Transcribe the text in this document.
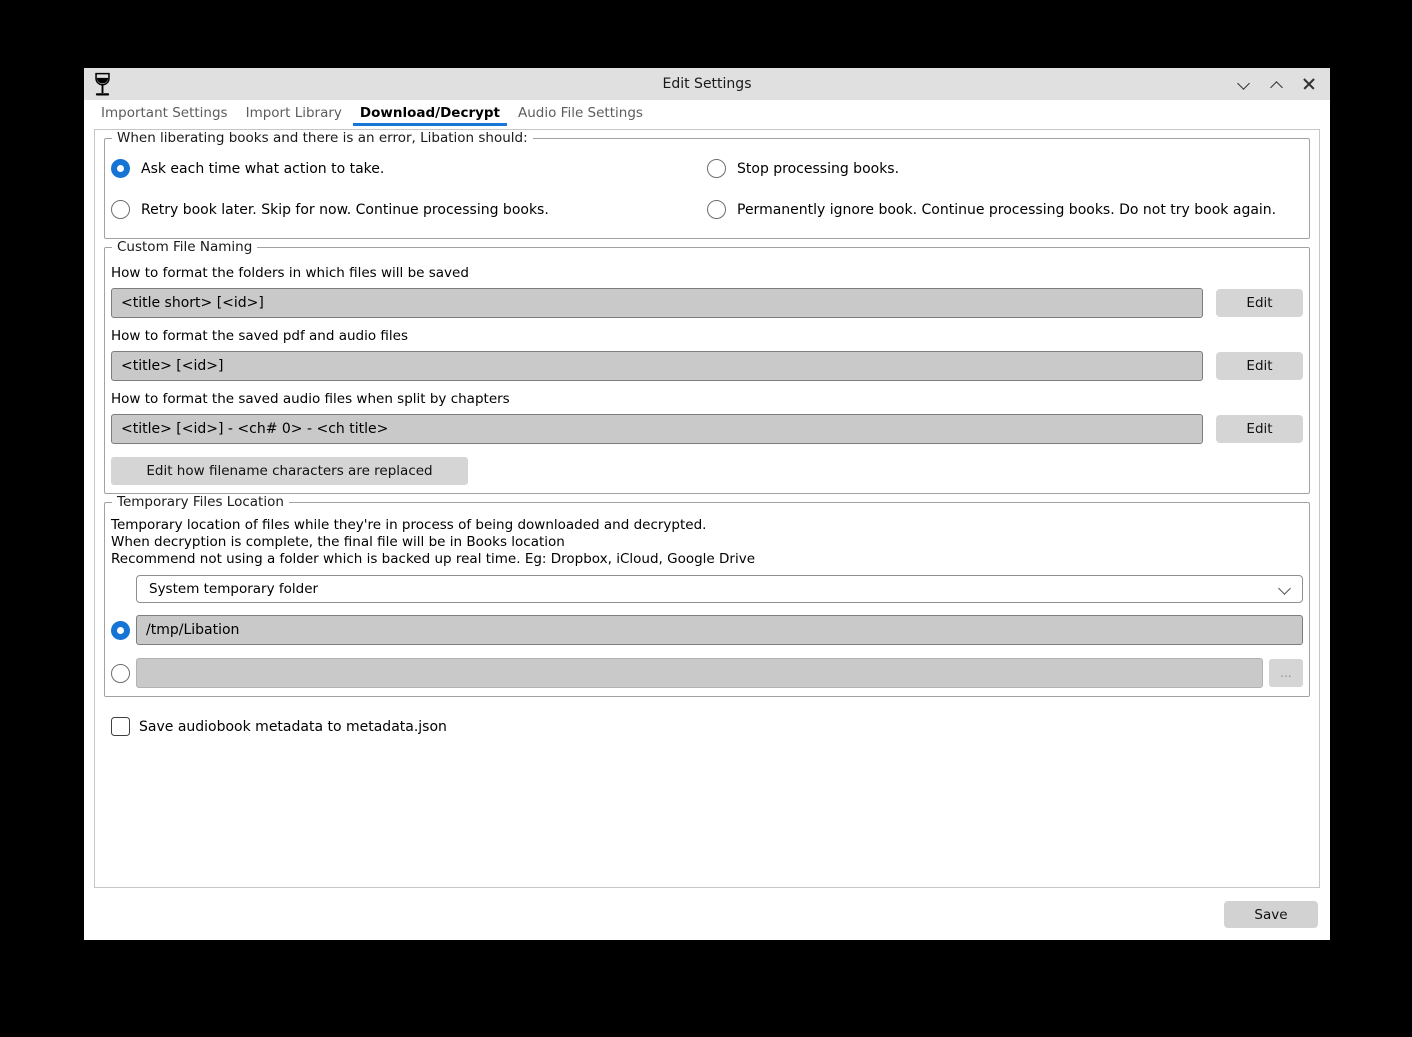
Edit Settings
Important Settings	Import Library	Download/Decrypt	Audio File Settings
When liberating books and there is an error, Libation should:
Ask each time what action to take.	Stop processing books.
Retry book later. Skip for now. Continue processing books.	Permanently ignore book. Continue processing books. Do not try book again.
Custom File Naming
How to format the folders in which files will be saved
<title short> [<id>]
Edit
How to format the saved pdf and audio files
<title> [<id>]
Edit
How to format the saved audio files when split by chapters
<title> [<id>] - <ch# 0> - <ch title>
Edit
Edit how filename characters are replaced
Temporary Files Location

Temporary location of files while they're in process of being downloaded and decrypted.

When decryption is complete, the final file will be in Books location

Recommend not using a folder which is backed up real time. Eg: Dropbox, iCloud, Google Drive

System temporary folder
/tmp/Libation
...
Save audiobook metadata to metadata.json
Save
